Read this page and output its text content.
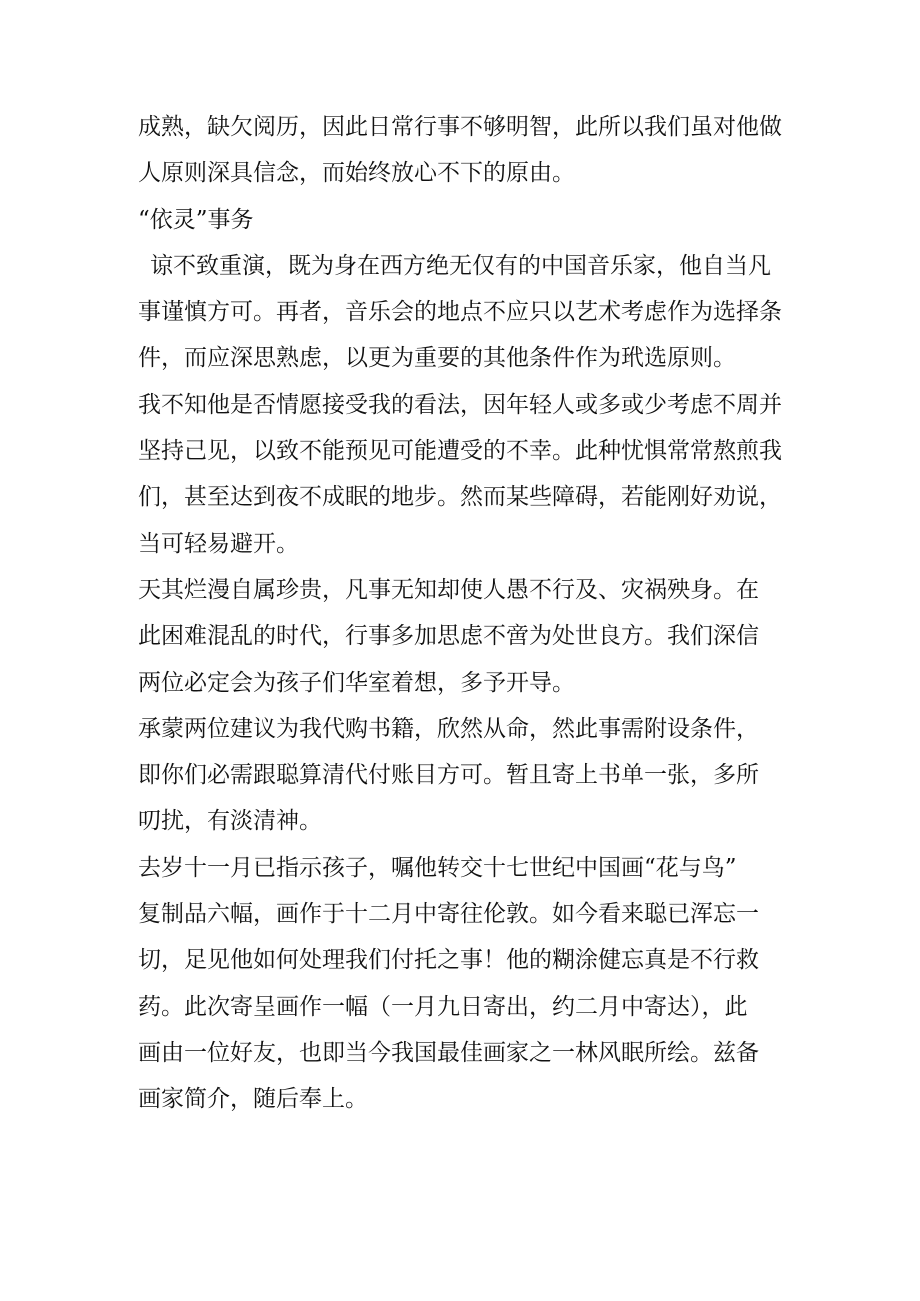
成熟，缺欠阅历，因此日常行事不够明智，此所以我们虽对他做
人原则深具信念，而始终放心不下的原由。
“依灵”事务
谅不致重演，既为身在西方绝无仅有的中国音乐家，他自当凡
事谨慎方可。再者，音乐会的地点不应只以艺术考虑作为选择条
件，而应深思熟虑，以更为重要的其他条件作为玳选原则。
我不知他是否情愿接受我的看法，因年轻人或多或少考虑不周并
坚持己见，以致不能预见可能遭受的不幸。此种忧惧常常熬煎我
们，甚至达到夜不成眠的地步。然而某些障碍，若能刚好劝说，
当可轻易避开。
天其烂漫自属珍贵，凡事无知却使人愚不行及、灾祸殃身。在
此困难混乱的时代，行事多加思虑不啻为处世良方。我们深信
两位必定会为孩子们华室着想，多予开导。
承蒙两位建议为我代购书籍，欣然从命，然此事需附设条件，
即你们必需跟聪算清代付账目方可。暂且寄上书单一张，多所
叨扰，有淡清神。
去岁十一月已指示孩子，嘱他转交十七世纪中国画“花与鸟”
复制品六幅，画作于十二月中寄往伦敦。如今看来聪已浑忘一
切，足见他如何处理我们付托之事！他的糊涂健忘真是不行救
药。此次寄呈画作一幅（一月九日寄出，约二月中寄达），此
画由一位好友，也即当今我国最佳画家之一林风眠所绘。兹备
画家简介，随后奉上。
